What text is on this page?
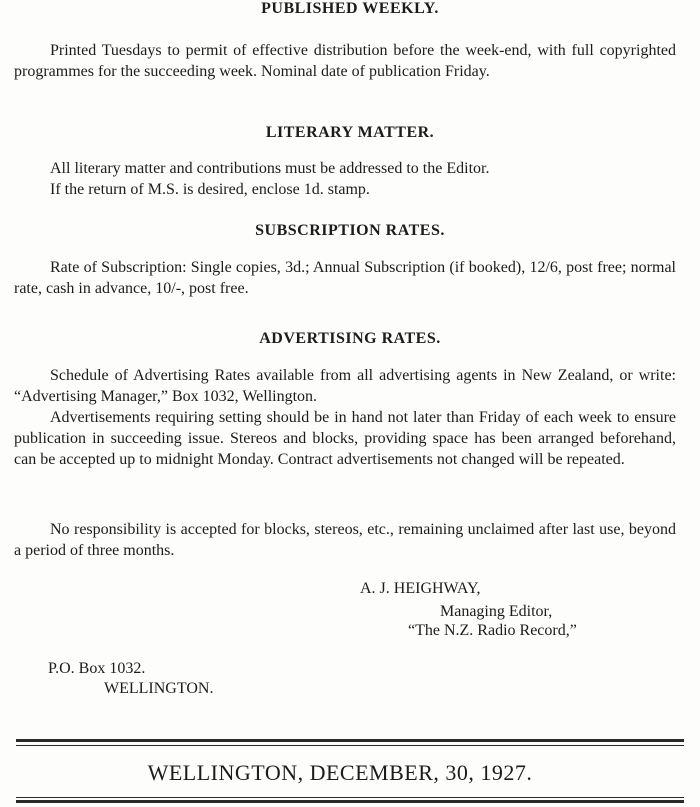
PUBLISHED WEEKLY.

Printed Tuesdays to permit of effective distribution before the week-end, with full copyrighted programmes for the succeeding week. Nominal date of publication Friday.

LITERARY MATTER.
All literary matter and contributions must be addressed to the Editor.
If the return of M.S. is desired, enclose 1d. stamp.
SUBSCRIPTION RATES.

Rate of Subscription: Single copies, 3d.; Annual Subscription (if booked), 12/6, post free; normal rate, cash in advance, 10/-, post free.

ADVERTISING RATES.

Schedule of Advertising Rates available from all advertising agents in New Zealand, or write: “Advertising Manager,” Box 1032, Wellington.

Advertisements requiring setting should be in hand not later than Friday of each week to ensure publication in succeeding issue. Stereos and blocks, providing space has been arranged beforehand, can be accepted up to midnight Monday. Contract advertisements not changed will be repeated.

No responsibility is accepted for blocks, stereos, etc., remaining unclaimed after last use, beyond a period of three months.

A. J. HEIGHWAY,
Managing Editor,
“The N.Z. Radio Record,”
P.O. Box 1032.
WELLINGTON.
WELLINGTON, DECEMBER, 30, 1927.
